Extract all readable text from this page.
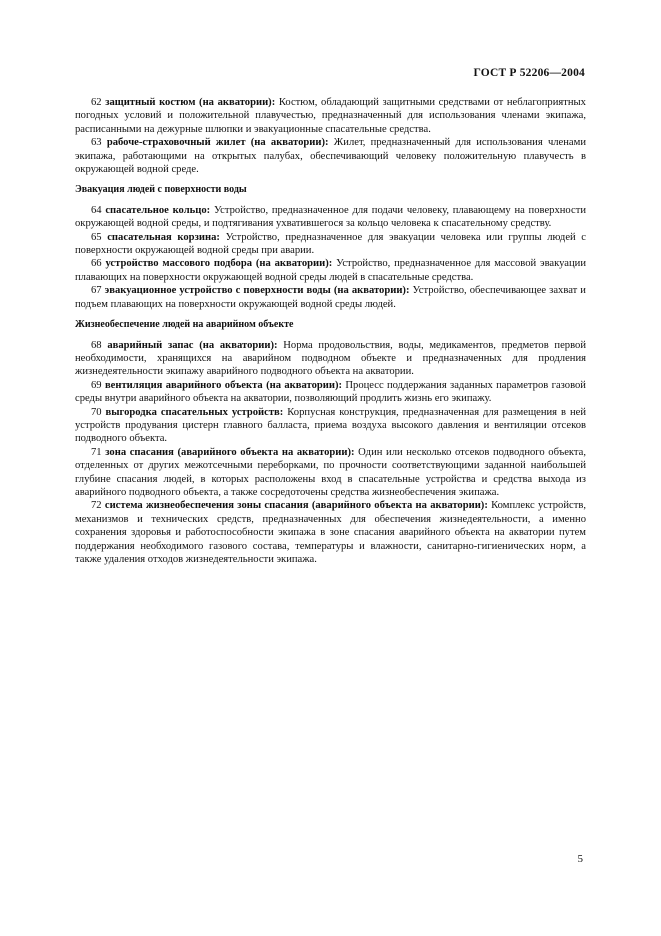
ГОСТ Р 52206—2004

62 защитный костюм (на акватории): Костюм, обладающий защитными средствами от неблагоприятных погодных условий и положительной плавучестью, предназначенный для использования членами экипажа, расписанными на дежурные шлюпки и эвакуационные спасательные средства.

63 рабоче-страховочный жилет (на акватории): Жилет, предназначенный для использования членами экипажа, работающими на открытых палубах, обеспечивающий человеку положительную плавучесть в окружающей водной среде.

Эвакуация людей с поверхности воды

64 спасательное кольцо: Устройство, предназначенное для подачи человеку, плавающему на поверхности окружающей водной среды, и подтягивания ухватившегося за кольцо человека к спасательному средству.

65 спасательная корзина: Устройство, предназначенное для эвакуации человека или группы людей с поверхности окружающей водной среды при аварии.

66 устройство массового подбора (на акватории): Устройство, предназначенное для массовой эвакуации плавающих на поверхности окружающей водной среды людей в спасательные средства.

67 эвакуационное устройство с поверхности воды (на акватории): Устройство, обеспечивающее захват и подъем плавающих на поверхности окружающей водной среды людей.

Жизнеобеспечение людей на аварийном объекте

68 аварийный запас (на акватории): Норма продовольствия, воды, медикаментов, предметов первой необходимости, хранящихся на аварийном подводном объекте и предназначенных для продления жизнедеятельности экипажу аварийного подводного объекта на акватории.

69 вентиляция аварийного объекта (на акватории): Процесс поддержания заданных параметров газовой среды внутри аварийного объекта на акватории, позволяющий продлить жизнь его экипажу.

70 выгородка спасательных устройств: Корпусная конструкция, предназначенная для размещения в ней устройств продувания цистерн главного балласта, приема воздуха высокого давления и вентиляции отсеков подводного объекта.

71 зона спасания (аварийного объекта на акватории): Один или несколько отсеков подводного объекта, отделенных от других межотсечными переборками, по прочности соответствующими заданной наибольшей глубине спасания людей, в которых расположены вход в спасательные устройства и средства выхода из аварийного подводного объекта, а также сосредоточены средства жизнеобеспечения экипажа.

72 система жизнеобеспечения зоны спасания (аварийного объекта на акватории): Комплекс устройств, механизмов и технических средств, предназначенных для обеспечения жизнедеятельности, а именно сохранения здоровья и работоспособности экипажа в зоне спасания аварийного объекта на акватории путем поддержания необходимого газового состава, температуры и влажности, санитарно-гигиенических норм, а также удаления отходов жизнедеятельности экипажа.

5
